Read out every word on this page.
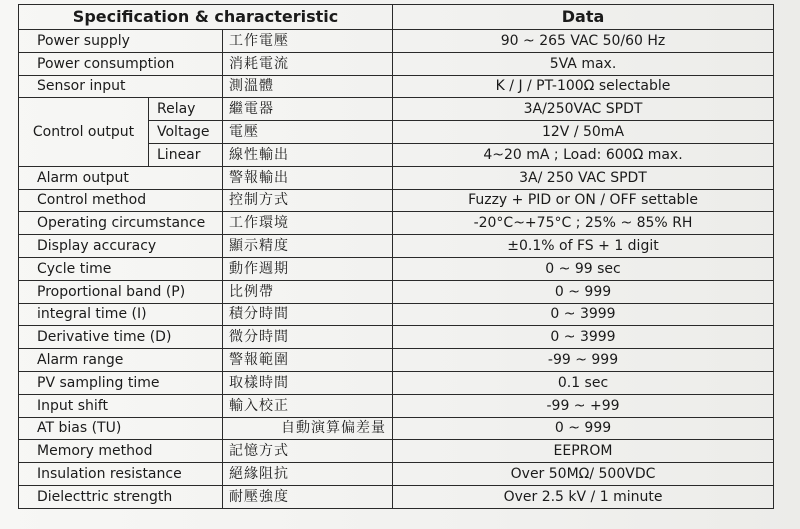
Specification & characteristic			Data
Power supply		工作電壓	90 ~ 265 VAC 50/60 Hz
Power consumption		消耗電流	5VA max.
Sensor input		測溫體	K / J / PT-100Ω selectable
Control output	Relay	繼電器	3A/250VAC SPDT
	Voltage	電壓	12V / 50mA
	Linear	線性輸出	4~20 mA ; Load: 600Ω max.
Alarm output		警報輸出	3A/ 250 VAC SPDT
Control method		控制方式	Fuzzy + PID or ON / OFF settable
Operating circumstance		工作環境	-20°C~+75°C ; 25% ~ 85% RH
Display accuracy		顯示精度	±0.1% of FS + 1 digit
Cycle time		動作週期	0 ~ 99 sec
Proportional band (P)		比例帶	0 ~ 999
integral time (I)		積分時間	0 ~ 3999
Derivative time (D)		微分時間	0 ~ 3999
Alarm range		警報範圍	-99 ~ 999
PV sampling time		取樣時間	0.1 sec
Input shift		輸入校正	-99 ~ +99
AT bias (TU)		自動演算偏差量	0 ~ 999
Memory method		記憶方式	EEPROM
Insulation resistance		絕緣阻抗	Over 50MΩ/ 500VDC
Dielecttric strength		耐壓強度	Over 2.5 kV / 1 minute
